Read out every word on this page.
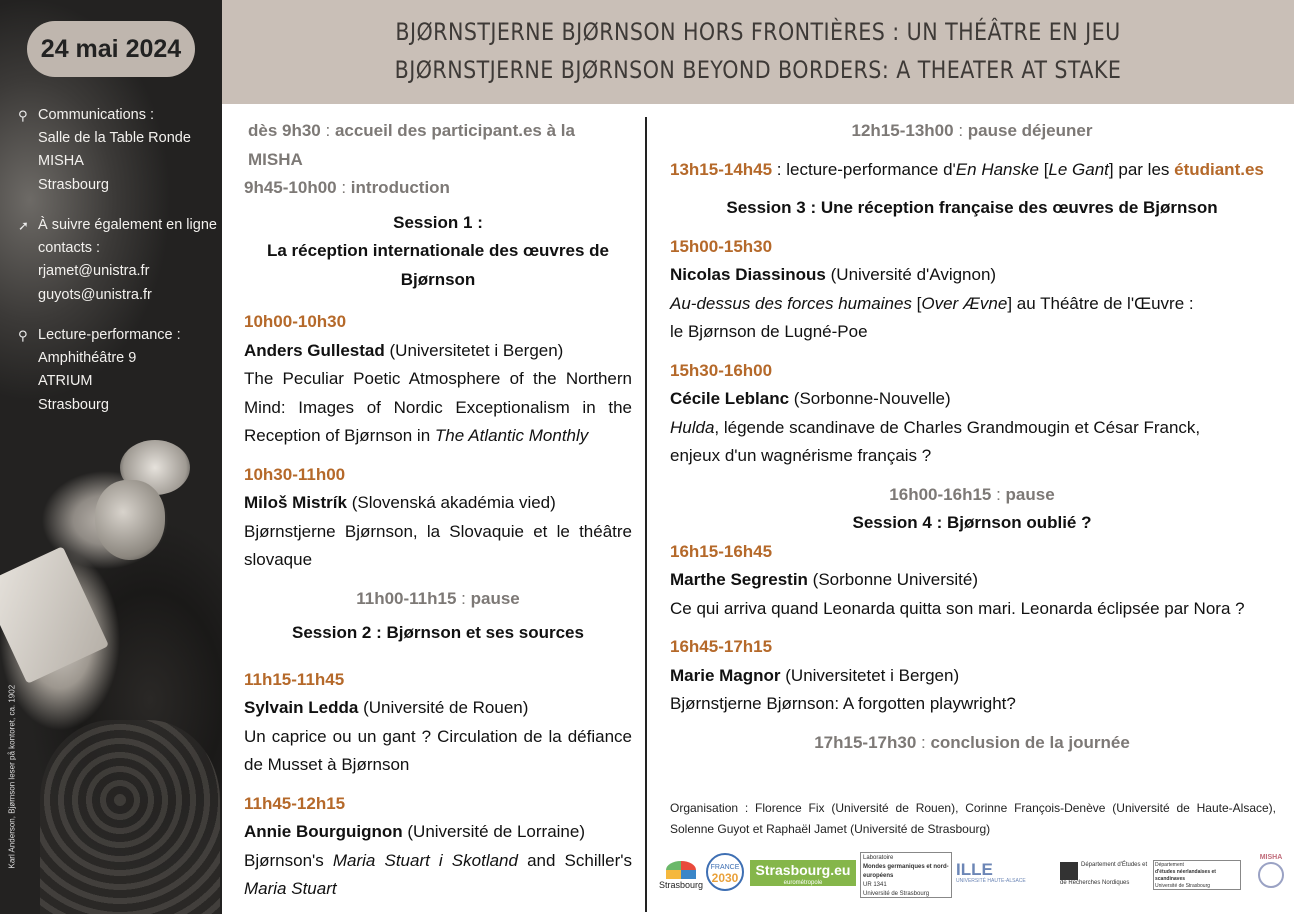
24 mai 2024
⚲ Communications :
Salle de la Table Ronde
MISHA
Strasbourg
➚ À suivre également en ligne
contacts :
rjamet@unistra.fr
guyots@unistra.fr
⚲ Lecture-performance :
Amphithéâtre 9
ATRIUM
Strasbourg
Karl Anderson, Bjørnson leser på kontoret, ca. 1902
BJØRNSTJERNE BJØRNSON HORS FRONTIÈRES : UN THÉÂTRE EN JEU
BJØRNSTJERNE BJØRNSON BEYOND BORDERS: A THEATER AT STAKE

dès 9h30 : accueil des participant.es à la MISHA

9h45-10h00 : introduction

Session 1 :
La réception internationale des œuvres de Bjørnson

10h00-10h30

Anders Gullestad (Universitetet i Bergen)

The Peculiar Poetic Atmosphere of the Northern Mind: Images of Nordic Exceptionalism in the Reception of Bjørnson in The Atlantic Monthly

10h30-11h00

Miloš Mistrík (Slovenská akadémia vied)

Bjørnstjerne Bjørnson, la Slovaquie et le théâtre slovaque

11h00-11h15 : pause

Session 2 : Bjørnson et ses sources

11h15-11h45

Sylvain Ledda (Université de Rouen)

Un caprice ou un gant ? Circulation de la défiance de Musset à Bjørnson

11h45-12h15

Annie Bourguignon (Université de Lorraine)

Bjørnson's Maria Stuart i Skotland and Schiller's Maria Stuart

12h15-13h00 : pause déjeuner

13h15-14h45 : lecture-performance d'En Hanske [Le Gant] par les étudiant.es

Session 3 : Une réception française des œuvres de Bjørnson

15h00-15h30

Nicolas Diassinous (Université d'Avignon)

Au-dessus des forces humaines [Over Ævne] au Théâtre de l'Œuvre :

le Bjørnson de Lugné-Poe

15h30-16h00

Cécile Leblanc (Sorbonne-Nouvelle)

Hulda, légende scandinave de Charles Grandmougin et César Franck,

enjeux d'un wagnérisme français ?

16h00-16h15 : pause

Session 4 : Bjørnson oublié ?

16h15-16h45

Marthe Segrestin (Sorbonne Université)

Ce qui arriva quand Leonarda quitta son mari. Leonarda éclipsée par Nora ?

16h45-17h15

Marie Magnor (Universitetet i Bergen)

Bjørnstjerne Bjørnson: A forgotten playwright?

17h15-17h30 : conclusion de la journée

Organisation : Florence Fix (Université de Rouen), Corinne François-Denève (Université de Haute-Alsace), Solenne Guyot et Raphaël Jamet (Université de Strasbourg)
Strasbourg
FRANCE
2030	Strasbourg.eu
eurométropole
Laboratoire
Mondes germaniques et nord-européens
UR 1341
Université de Strasbourg
ILLE
UNIVERSITÉ HAUTE-ALSACE
Département d'Études et de Recherches Nordiques
Département
d'études néerlandaises et scandinaves
Université de Strasbourg
MISHA
